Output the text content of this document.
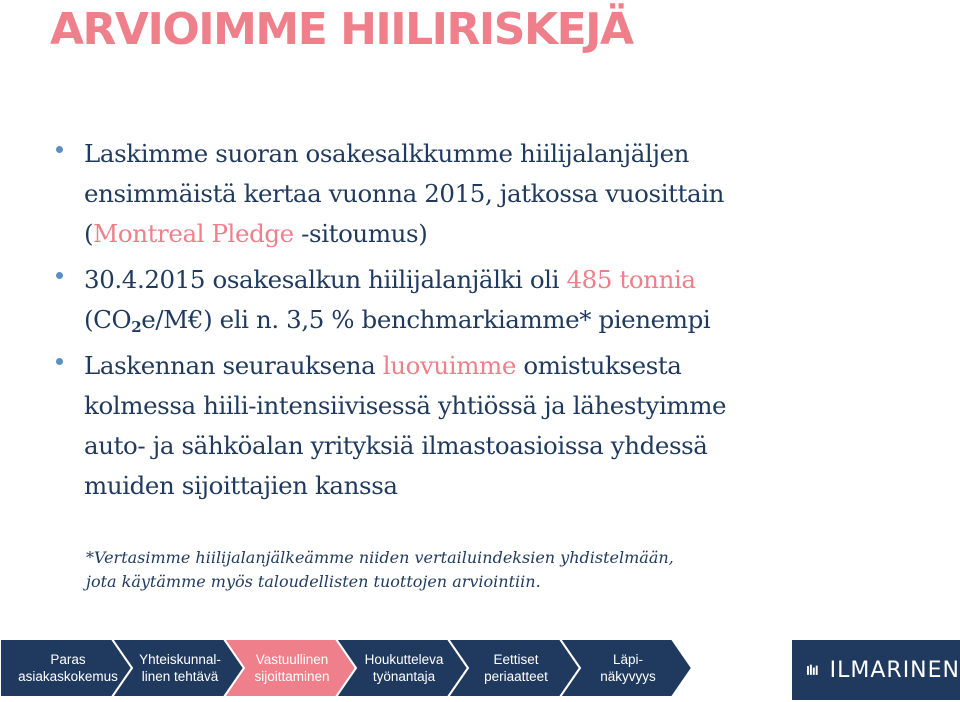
ARVIOIMME HIILIRISKEJÄ
Laskimme suoran osakesalkkumme hiilijalanjäljen
ensimmäistä kertaa vuonna 2015, jatkossa vuosittain
(Montreal Pledge -sitoumus)
30.4.2015 osakesalkun hiilijalanjälki oli 485 tonnia
$(CO_2e/M€)$ eli n. 3,5 % benchmarkiamme* pienempi
Laskennan seurauksena luovuimme omistuksesta
kolmessa hiili-intensiivisessä yhtiössä ja lähestyimme
auto- ja sähköalan yrityksiä ilmastoasioissa yhdessä
muiden sijoittajien kanssa
*Vertasimme hiilijalanjälkeämme niiden vertailuindeksien yhdistelmään,
jota käytämme myös taloudellisten tuottojen arviointiin.
Paras
asiakaskokemus
Yhteiskunnal-
linen tehtävä
Vastuullinen
sijoittaminen
Houkutteleva
työnantaja
Eettiset
periaatteet
Läpi-
näkyvyys	ILMARINEN
